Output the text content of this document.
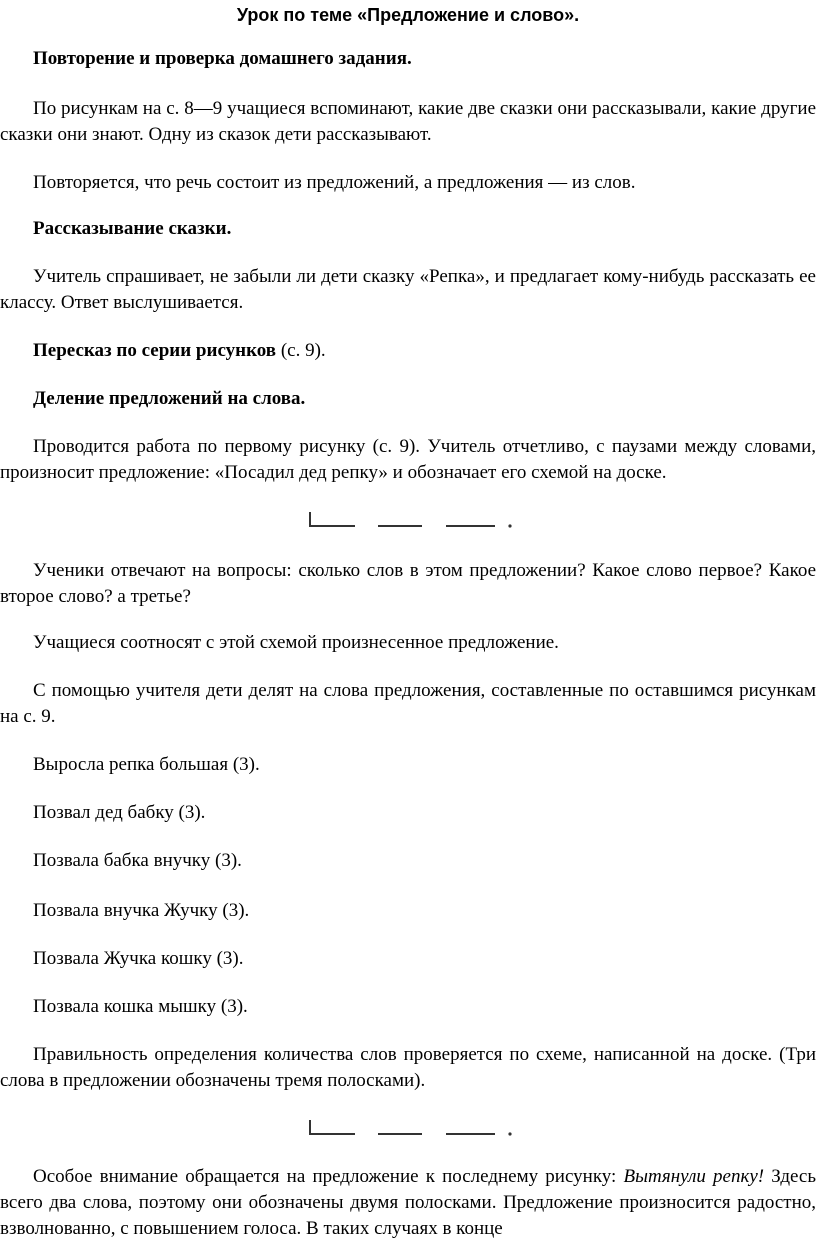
Урок по теме «Предложение и слово».

Повторение и проверка домашнего задания.

По рисункам на с. 8—9 учащиеся вспоминают, какие две сказки они рассказывали, какие другие сказки они знают. Одну из сказок дети рассказывают.

Повторяется, что речь состоит из предложений, а предложения — из слов.

Рассказывание сказки.

Учитель спрашивает, не забыли ли дети сказку «Репка», и предлагает кому-нибудь рассказать ее классу. Ответ выслушивается.

Пересказ по серии рисунков (с. 9).

Деление предложений на слова.

Проводится работа по первому рисунку (с. 9). Учитель отчетливо, с паузами между словами, произносит предложение: «Посадил дед репку» и обозначает его схемой на доске.

Ученики отвечают на вопросы: сколько слов в этом предложении? Какое слово первое? Какое второе слово? а третье?

Учащиеся соотносят с этой схемой произнесенное предложение.

С помощью учителя дети делят на слова предложения, составленные по оставшимся рисункам на с. 9.

Выросла репка большая (3).

Позвал дед бабку (3).

Позвала бабка внучку (3).

Позвала внучка Жучку (3).

Позвала Жучка кошку (3).

Позвала кошка мышку (3).

Правильность определения количества слов проверяется по схеме, написанной на доске. (Три слова в предложении обозначены тремя полосками).

Особое внимание обращается на предложение к последнему рисунку: Вытянули репку! Здесь всего два слова, поэтому они обозначены двумя полосками. Предложение произносится радостно, взволнованно, с повышением голоса. В таких случаях в конце
